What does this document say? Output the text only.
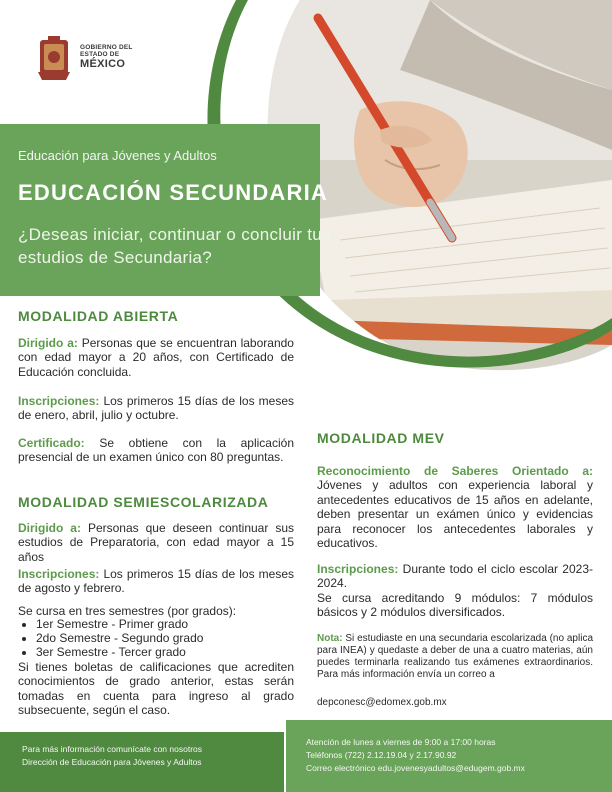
GOBIERNO DEL
ESTADO DE
MÉXICO
Educación para Jóvenes y Adultos
EDUCACIÓN SECUNDARIA
¿Deseas iniciar, continuar o concluir tus estudios de Secundaria?
MODALIDAD ABIERTA
Dirigido a: Personas que se encuentran laborando con edad mayor a 20 años, con Certificado de Educación concluida.
Inscripciones: Los primeros 15 días de los meses de enero, abril, julio y octubre.
Certificado: Se obtiene con la aplicación presencial de un examen único con 80 preguntas.
MODALIDAD SEMIESCOLARIZADA
Dirigido a: Personas que deseen continuar sus estudios de Preparatoria, con edad mayor a 15 años
Inscripciones: Los primeros 15 días de los meses de agosto y febrero.
Se cursa en tres semestres (por grados):
• 1er Semestre - Primer grado
• 2do Semestre - Segundo grado
• 3er Semestre - Tercer grado
Si tienes boletas de calificaciones que acrediten conocimientos de grado anterior, estas serán tomadas en cuenta para ingreso al grado subsecuente, según el caso.
MODALIDAD MEV
Reconocimiento de Saberes Orientado a: Jóvenes y adultos con experiencia laboral y antecedentes educativos de 15 años en adelante, deben presentar un exámen único y evidencias para reconocer los antecedentes laborales y educativos.
Inscripciones: Durante todo el ciclo escolar 2023-2024.
Se cursa acreditando 9 módulos: 7 módulos básicos y 2 módulos diversificados.
Nota: Si estudiaste en una secundaria escolarizada (no aplica para INEA) y quedaste a deber de una a cuatro materias, aún puedes terminarla realizando tus exámenes extraordinarios. Para más información envía un correo a
depconesc@edomex.gob.mx
Para más información comunícate con nosotros
Dirección de Educación para Jóvenes y Adultos
Atención de lunes a viernes de 9:00 a 17:00 horas
Teléfonos (722) 2.12.19.04 y 2.17.90.92
Correo electrónico edu.jovenesyadultos@edugem.gob.mx
